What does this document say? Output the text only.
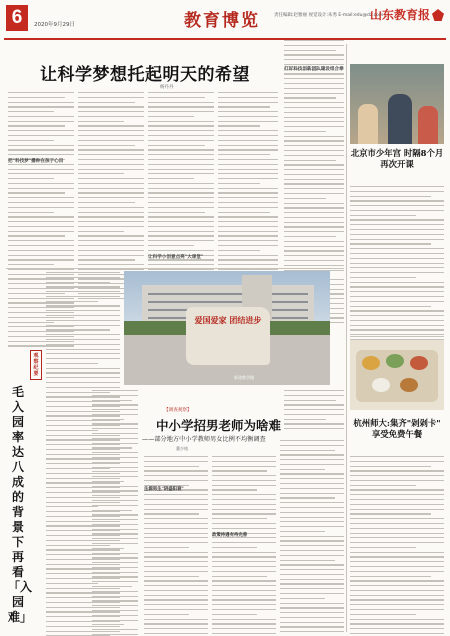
6	2020年9月29日	教育博览	责任编辑:赵雅丽 视觉设计:朱秀 E-mail:edu@dz.com
山东教育报
让科学梦想托起明天的希望
杨丹丹
把"科技梦"播种在孩子心田
让科学小创意点亮"大课堂"
打好科技创新团队建设组合拳
观察纪要
毛入园率达八成的背景下再看「入园难」
爱国爱家 团结进步
新建教学楼
【调查观察】
中小学招男老师为啥难
——部分地方中小学教师男女比例不均衡调查
董少纯
生源男生"阴盛阳衰"
政策待遇有待完善
北京市少年宫 时隔8个月再次开课
杭州师大:集齐"剁剁卡" 享受免费午餐
